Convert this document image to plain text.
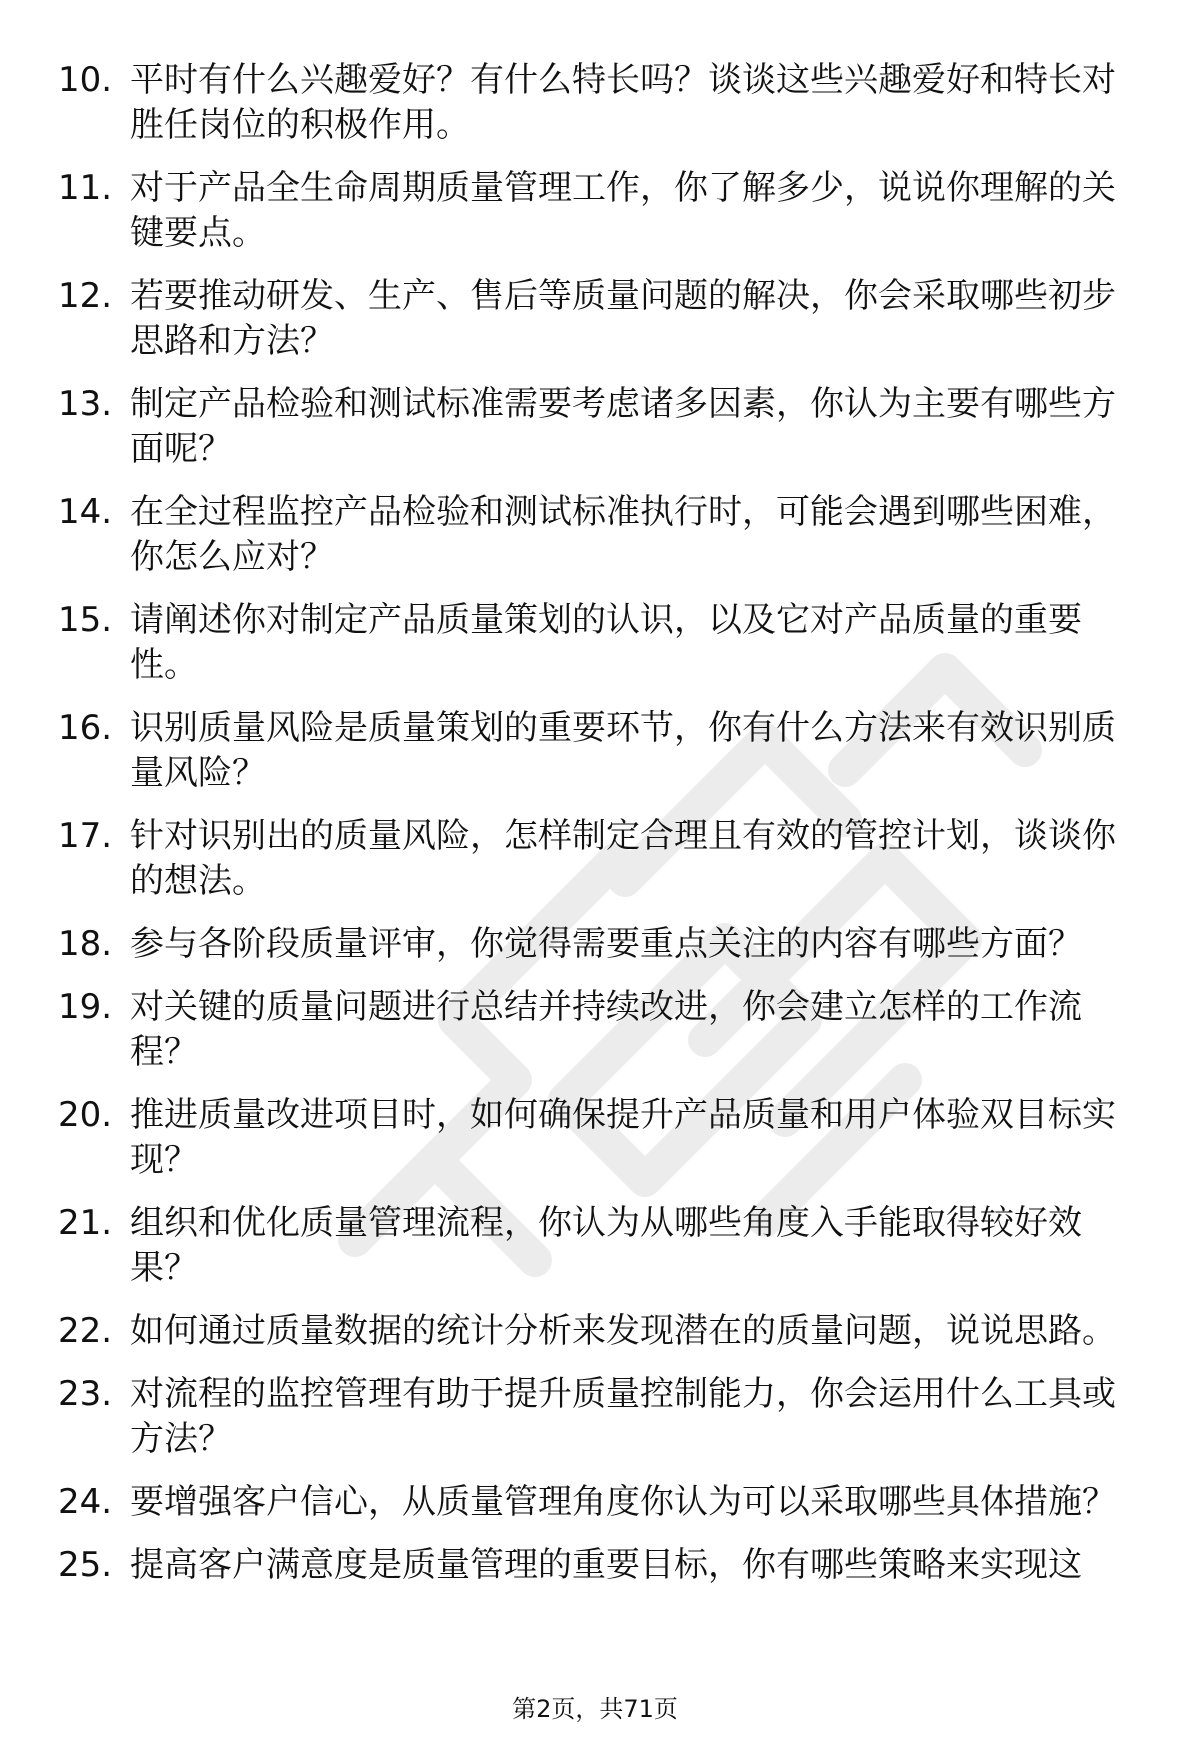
10. 平时有什么兴趣爱好？有什么特长吗？谈谈这些兴趣爱好和特长对胜任岗位的积极作用。
11. 对于产品全生命周期质量管理工作，你了解多少，说说你理解的关键要点。
12. 若要推动研发、生产、售后等质量问题的解决，你会采取哪些初步思路和方法？
13. 制定产品检验和测试标准需要考虑诸多因素，你认为主要有哪些方面呢？
14. 在全过程监控产品检验和测试标准执行时，可能会遇到哪些困难，你怎么应对？
15. 请阐述你对制定产品质量策划的认识，以及它对产品质量的重要性。
16. 识别质量风险是质量策划的重要环节，你有什么方法来有效识别质量风险？
17. 针对识别出的质量风险，怎样制定合理且有效的管控计划，谈谈你的想法。
18. 参与各阶段质量评审，你觉得需要重点关注的内容有哪些方面？
19. 对关键的质量问题进行总结并持续改进，你会建立怎样的工作流程？
20. 推进质量改进项目时，如何确保提升产品质量和用户体验双目标实现？
21. 组织和优化质量管理流程，你认为从哪些角度入手能取得较好效果？
22. 如何通过质量数据的统计分析来发现潜在的质量问题，说说思路。
23. 对流程的监控管理有助于提升质量控制能力，你会运用什么工具或方法？
24. 要增强客户信心，从质量管理角度你认为可以采取哪些具体措施？
25. 提高客户满意度是质量管理的重要目标，你有哪些策略来实现这
第2页，共71页
